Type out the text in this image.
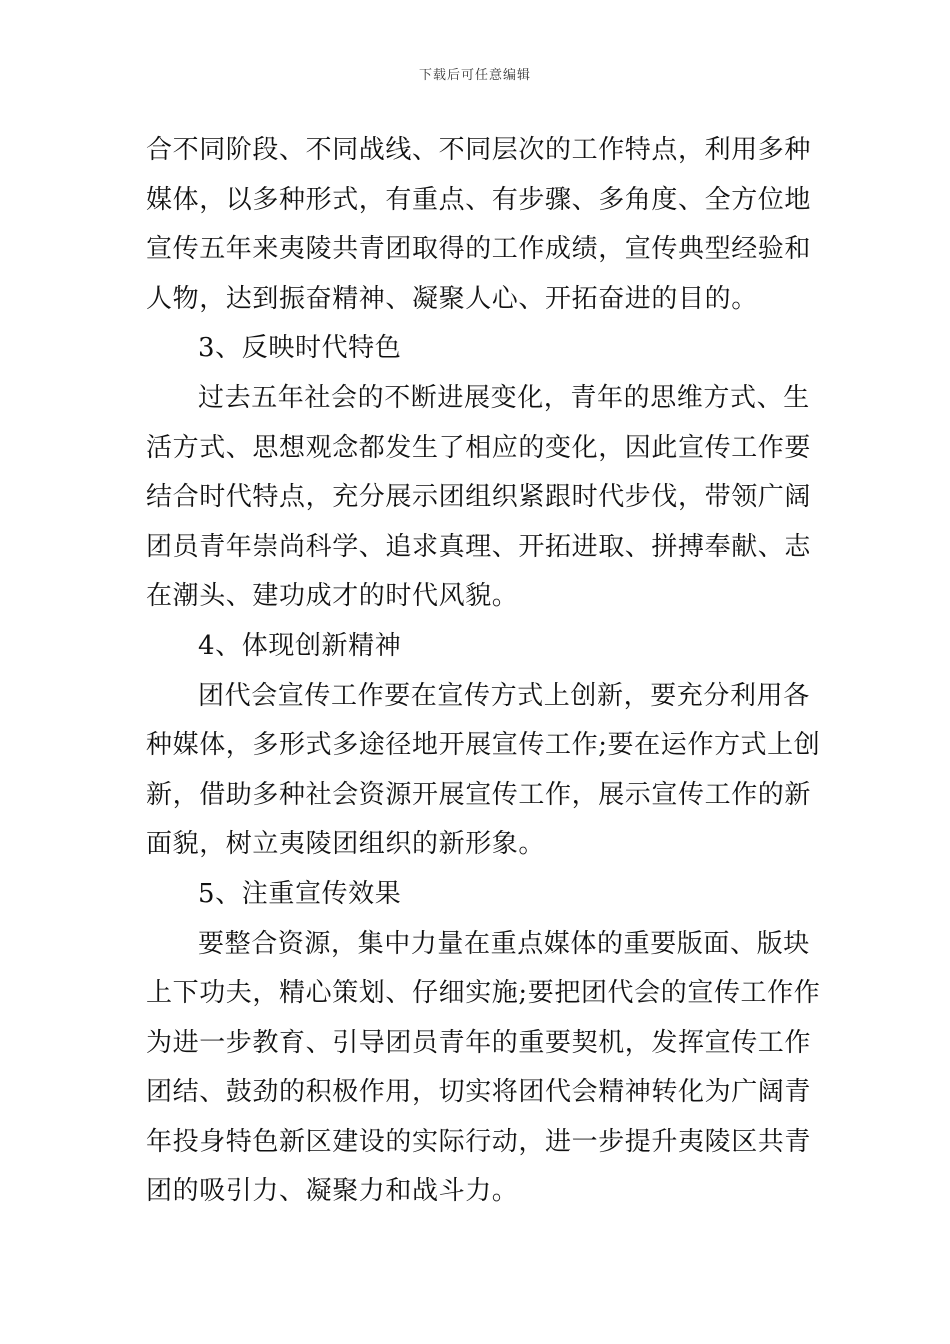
下载后可任意编辑
合不同阶段、不同战线、不同层次的工作特点，利用多种
媒体，以多种形式，有重点、有步骤、多角度、全方位地
宣传五年来夷陵共青团取得的工作成绩，宣传典型经验和
人物，达到振奋精神、凝聚人心、开拓奋进的目的。
3、反映时代特色
过去五年社会的不断进展变化，青年的思维方式、生
活方式、思想观念都发生了相应的变化，因此宣传工作要
结合时代特点，充分展示团组织紧跟时代步伐，带领广阔
团员青年崇尚科学、追求真理、开拓进取、拼搏奉献、志
在潮头、建功成才的时代风貌。
4、体现创新精神
团代会宣传工作要在宣传方式上创新，要充分利用各
种媒体，多形式多途径地开展宣传工作;要在运作方式上创
新，借助多种社会资源开展宣传工作，展示宣传工作的新
面貌，树立夷陵团组织的新形象。
5、注重宣传效果
要整合资源，集中力量在重点媒体的重要版面、版块
上下功夫，精心策划、仔细实施;要把团代会的宣传工作作
为进一步教育、引导团员青年的重要契机，发挥宣传工作
团结、鼓劲的积极作用，切实将团代会精神转化为广阔青
年投身特色新区建设的实际行动，进一步提升夷陵区共青
团的吸引力、凝聚力和战斗力。
